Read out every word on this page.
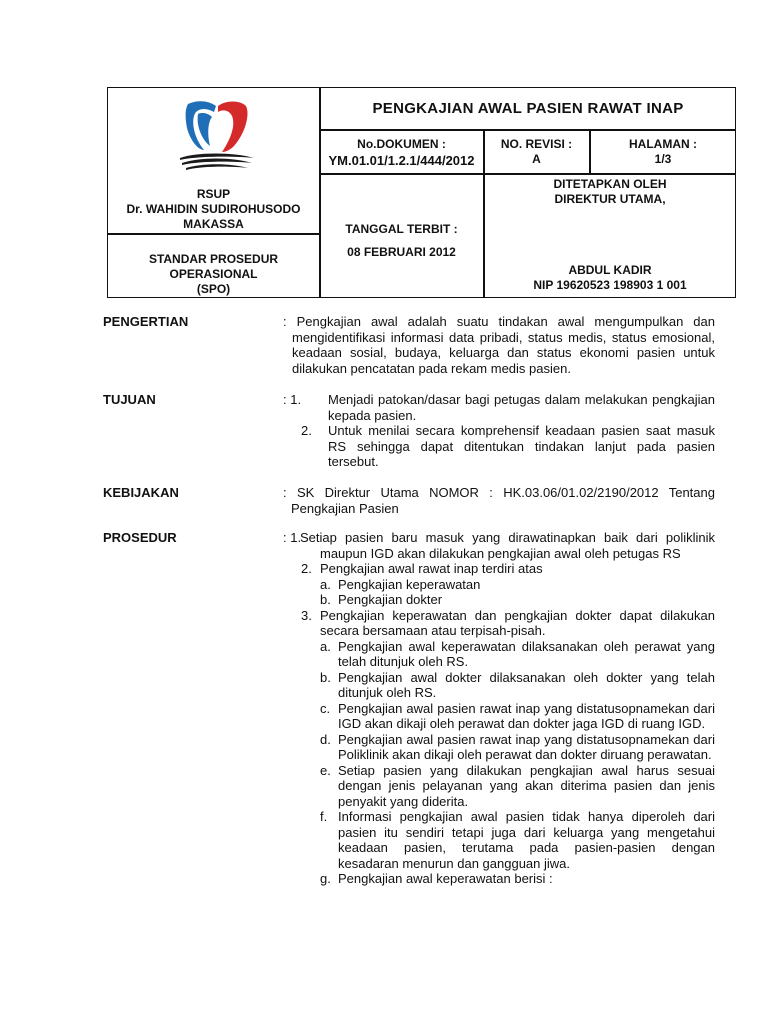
RSUP
Dr. WAHIDIN SUDIROHUSODO
MAKASSA
STANDAR PROSEDUR
OPERASIONAL
(SPO)
PENGKAJIAN AWAL PASIEN RAWAT INAP
No.DOKUMEN :
YM.01.01/1.2.1/444/2012
NO. REVISI :
A
HALAMAN :
1/3
TANGGAL TERBIT :
08 FEBRUARI 2012
DITETAPKAN OLEH
DIREKTUR UTAMA,
ABDUL KADIR
NIP 19620523 198903 1 001
PENGERTIAN	: Pengkajian awal adalah suatu tindakan awal mengumpulkan dan mengidentifikasi informasi data pribadi, status medis, status emosional, keadaan sosial, budaya, keluarga dan status ekonomi pasien untuk dilakukan pencatatan pada rekam medis pasien.
TUJUAN	: 1. Menjadi patokan/dasar bagi petugas dalam melakukan pengkajian kepada pasien.
2. Untuk menilai secara komprehensif keadaan pasien saat masuk RS sehingga dapat ditentukan tindakan lanjut pada pasien tersebut.
KEBIJAKAN	: SK Direktur Utama NOMOR : HK.03.06/01.02/2190/2012 Tentang Pengkajian Pasien
PROSEDUR	: 1.
Setiap pasien baru masuk yang dirawatinapkan baik dari poliklinik maupun IGD akan dilakukan pengkajian awal oleh petugas RS
2. Pengkajian awal rawat inap terdiri atas
a. Pengkajian keperawatan
b. Pengkajian dokter
3. Pengkajian keperawatan dan pengkajian dokter dapat dilakukan secara bersamaan atau terpisah-pisah.
a. Pengkajian awal keperawatan dilaksanakan oleh perawat yang telah ditunjuk oleh RS.
b. Pengkajian awal dokter dilaksanakan oleh dokter yang telah ditunjuk oleh RS.
c. Pengkajian awal pasien rawat inap yang distatusopnamekan dari IGD akan dikaji oleh perawat dan dokter jaga IGD di ruang IGD.
d. Pengkajian awal pasien rawat inap yang distatusopnamekan dari Poliklinik akan dikaji oleh perawat dan dokter diruang perawatan.
e. Setiap pasien yang dilakukan pengkajian awal harus sesuai dengan jenis pelayanan yang akan diterima pasien dan jenis penyakit yang diderita.
f. Informasi pengkajian awal pasien tidak hanya diperoleh dari pasien itu sendiri tetapi juga dari keluarga yang mengetahui keadaan pasien, terutama pada pasien-pasien dengan kesadaran menurun dan gangguan jiwa.
g. Pengkajian awal keperawatan berisi :
